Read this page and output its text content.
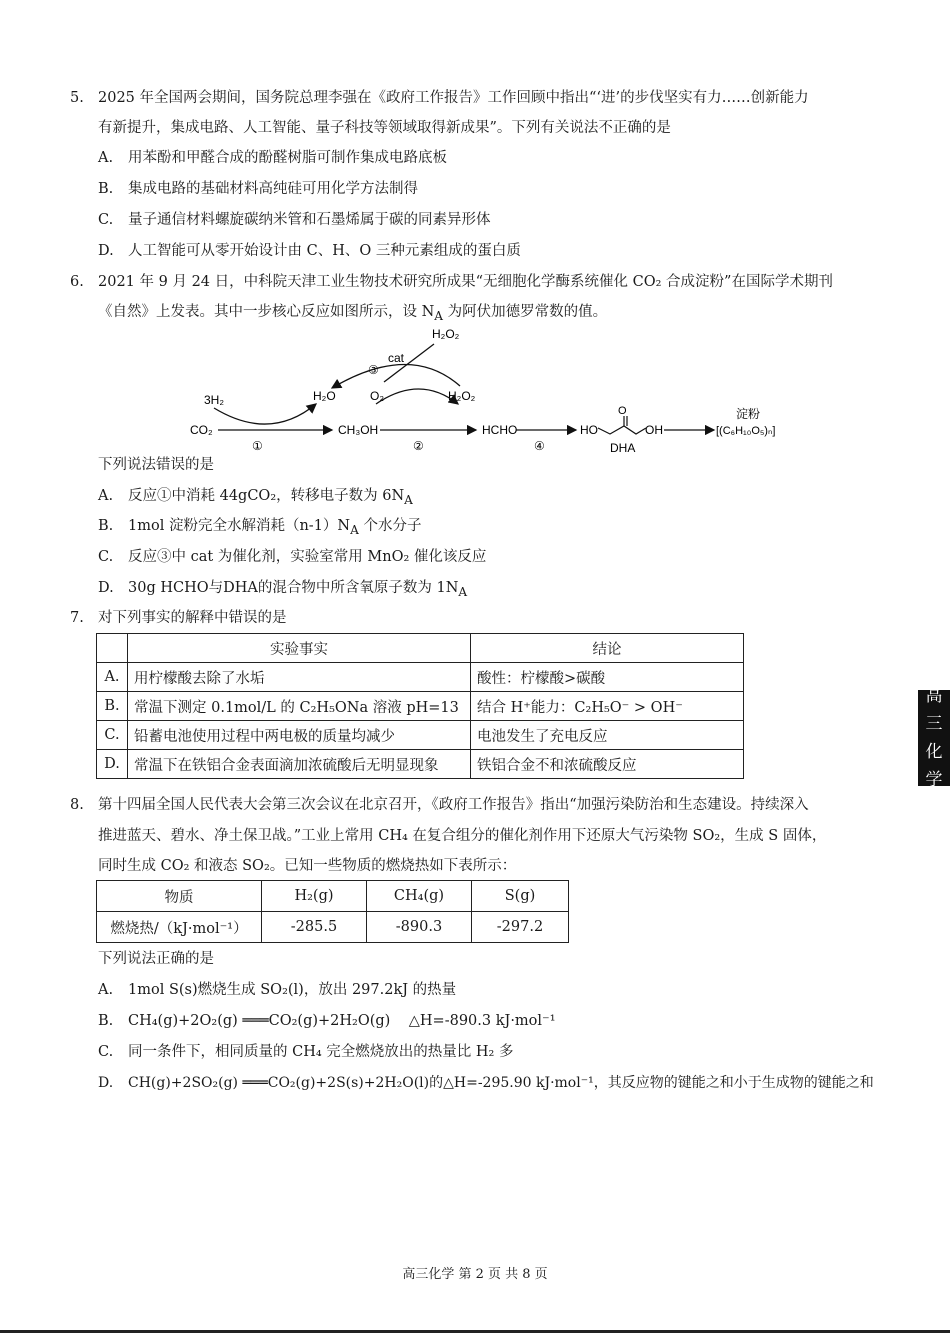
5. 2025 年全国两会期间，国务院总理李强在《政府工作报告》工作回顾中指出“‘进’的步伐坚实有力……创新能力
有新提升，集成电路、人工智能、量子科技等领域取得新成果”。下列有关说法不正确的是
A. 用苯酚和甲醛合成的酚醛树脂可制作集成电路底板
B. 集成电路的基础材料高纯硅可用化学方法制得
C. 量子通信材料螺旋碳纳米管和石墨烯属于碳的同素异形体
D. 人工智能可从零开始设计由 C、H、O 三种元素组成的蛋白质
6. 2021 年 9 月 24 日，中科院天津工业生物技术研究所成果“无细胞化学酶系统催化 CO₂ 合成淀粉”在国际学术期刊
《自然》上发表。其中一步核心反应如图所示，设 $N_A$ 为阿伏加德罗常数的值。
CO₂
3H₂
①
CH₃OH
H₂O	O₂
②
H₂O₂
cat
③
H₂O₂
HCHO
④
HO
O
OH
DHA
淀粉
[(C₆H₁₀O₅)ₙ]
下列说法错误的是
A. 反应①中消耗 44gCO₂，转移电子数为 $6N_A$
B. 1mol 淀粉完全水解消耗$(n-1)N_A$ 个水分子
C. 反应③中 cat 为催化剂，实验室常用 MnO₂ 催化该反应
D. 30g HCHO与DHA的混合物中所含氧原子数为 $1N_A$
7. 对下列事实的解释中错误的是
	实验事实	结论
A.	用柠檬酸去除了水垢	酸性：柠檬酸>碳酸
B.	常温下测定 0.1mol/L 的 C₂H₅ONa 溶液 pH=13	结合 H⁺能力：C₂H₅O⁻ > OH⁻
C.	铅蓄电池使用过程中两电极的质量均减少	电池发生了充电反应
D.	常温下在铁铝合金表面滴加浓硫酸后无明显现象	铁铝合金不和浓硫酸反应
8. 第十四届全国人民代表大会第三次会议在北京召开，《政府工作报告》指出“加强污染防治和生态建设。持续深入
推进蓝天、碧水、净土保卫战。”工业上常用 CH₄ 在复合组分的催化剂作用下还原大气污染物 SO₂，生成 S 固体，
同时生成 CO₂ 和液态 SO₂。已知一些物质的燃烧热如下表所示：
物质	H₂(g)	CH₄(g)	S(g)
燃烧热/（kJ·mol⁻¹）	-285.5	-890.3	-297.2
下列说法正确的是
A. 1mol S(s)燃烧生成 SO₂(l)，放出 297.2kJ 的热量
B. CH₄(g)+2O₂(g) ═══CO₂(g)+2H₂O(g)    △H=-890.3 kJ·mol⁻¹
C. 同一条件下，相同质量的 CH₄ 完全燃烧放出的热量比 H₂ 多
D. CH(g)+2SO₂(g) ═══CO₂(g)+2S(s)+2H₂O(l)的△H=-295.90 kJ·mol⁻¹，其反应物的键能之和小于生成物的键能之和
高
三
化
学
高三化学 第 2 页 共 8 页
